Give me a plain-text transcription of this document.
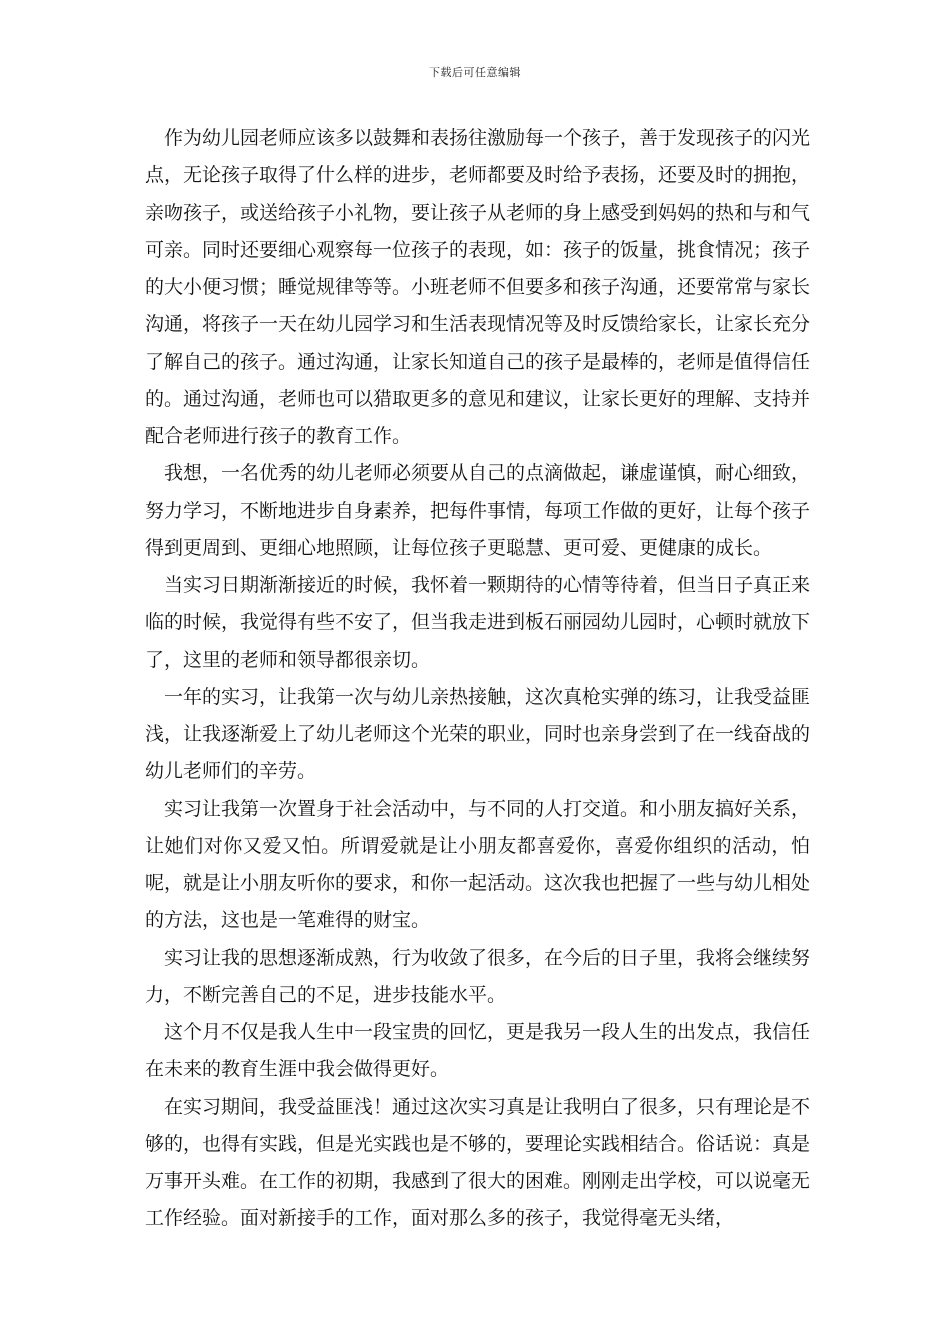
下载后可任意编辑

作为幼儿园老师应该多以鼓舞和表扬往激励每一个孩子，善于发现孩子的闪光点，无论孩子取得了什么样的进步，老师都要及时给予表扬，还要及时的拥抱，亲吻孩子，或送给孩子小礼物，要让孩子从老师的身上感受到妈妈的热和与和气可亲。同时还要细心观察每一位孩子的表现，如：孩子的饭量，挑食情况；孩子的大小便习惯；睡觉规律等等。小班老师不但要多和孩子沟通，还要常常与家长沟通，将孩子一天在幼儿园学习和生活表现情况等及时反馈给家长，让家长充分了解自己的孩子。通过沟通，让家长知道自己的孩子是最棒的，老师是值得信任的。通过沟通，老师也可以猎取更多的意见和建议，让家长更好的理解、支持并配合老师进行孩子的教育工作。

我想，一名优秀的幼儿老师必须要从自己的点滴做起，谦虚谨慎，耐心细致，努力学习，不断地进步自身素养，把每件事情，每项工作做的更好，让每个孩子得到更周到、更细心地照顾，让每位孩子更聪慧、更可爱、更健康的成长。

当实习日期渐渐接近的时候，我怀着一颗期待的心情等待着，但当日子真正来临的时候，我觉得有些不安了，但当我走进到板石丽园幼儿园时，心顿时就放下了，这里的老师和领导都很亲切。

一年的实习，让我第一次与幼儿亲热接触，这次真枪实弹的练习，让我受益匪浅，让我逐渐爱上了幼儿老师这个光荣的职业，同时也亲身尝到了在一线奋战的幼儿老师们的辛劳。

实习让我第一次置身于社会活动中，与不同的人打交道。和小朋友搞好关系，让她们对你又爱又怕。所谓爱就是让小朋友都喜爱你，喜爱你组织的活动，怕呢，就是让小朋友听你的要求，和你一起活动。这次我也把握了一些与幼儿相处的方法，这也是一笔难得的财宝。

实习让我的思想逐渐成熟，行为收敛了很多，在今后的日子里，我将会继续努力，不断完善自己的不足，进步技能水平。

这个月不仅是我人生中一段宝贵的回忆，更是我另一段人生的出发点，我信任在未来的教育生涯中我会做得更好。

在实习期间，我受益匪浅！通过这次实习真是让我明白了很多，只有理论是不够的，也得有实践，但是光实践也是不够的，要理论实践相结合。俗话说：真是万事开头难。在工作的初期，我感到了很大的困难。刚刚走出学校，可以说毫无工作经验。面对新接手的工作，面对那么多的孩子，我觉得毫无头绪，
